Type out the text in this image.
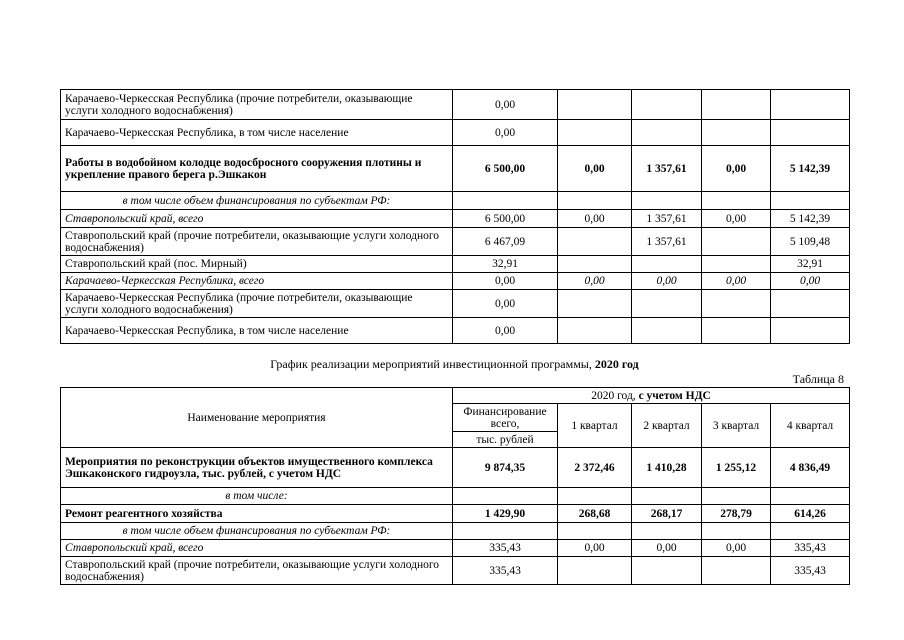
Карачаево-Черкесская Республика (прочие потребители, оказывающие услуги холодного водоснабжения)	0,00				
Карачаево-Черкесская Республика, в том числе население	0,00				
Работы в водобойном колодце водосбросного сооружения плотины и укрепление правого берега р.Эшкакон	6 500,00	0,00	1 357,61	0,00	5 142,39
в том числе объем финансирования по субъектам РФ:					
Ставропольский край, всего	6 500,00	0,00	1 357,61	0,00	5 142,39
Ставропольский край (прочие потребители, оказывающие услуги холодного водоснабжения)	6 467,09		1 357,61		5 109,48
Ставропольский край (пос. Мирный)	32,91				32,91
Карачаево-Черкесская Республика, всего	0,00	0,00	0,00	0,00	0,00
Карачаево-Черкесская Республика (прочие потребители, оказывающие услуги холодного водоснабжения)	0,00				
Карачаево-Черкесская Республика, в том числе население	0,00				
График реализации мероприятий инвестиционной программы, 2020 год
Таблица 8
Наименование мероприятия	2020 год, с учетом НДС				
	Финансирование всего,	1 квартал	2 квартал	3 квартал	4 квартал
	тыс. рублей				
Мероприятия по реконструкции объектов имущественного комплекса Эшкаконского гидроузла, тыс. рублей, с учетом НДС	9 874,35	2 372,46	1 410,28	1 255,12	4 836,49
в том числе:					
Ремонт реагентного хозяйства	1 429,90	268,68	268,17	278,79	614,26
в том числе объем финансирования по субъектам РФ:					
Ставропольский край, всего	335,43	0,00	0,00	0,00	335,43
Ставропольский край (прочие потребители, оказывающие услуги холодного водоснабжения)	335,43				335,43
